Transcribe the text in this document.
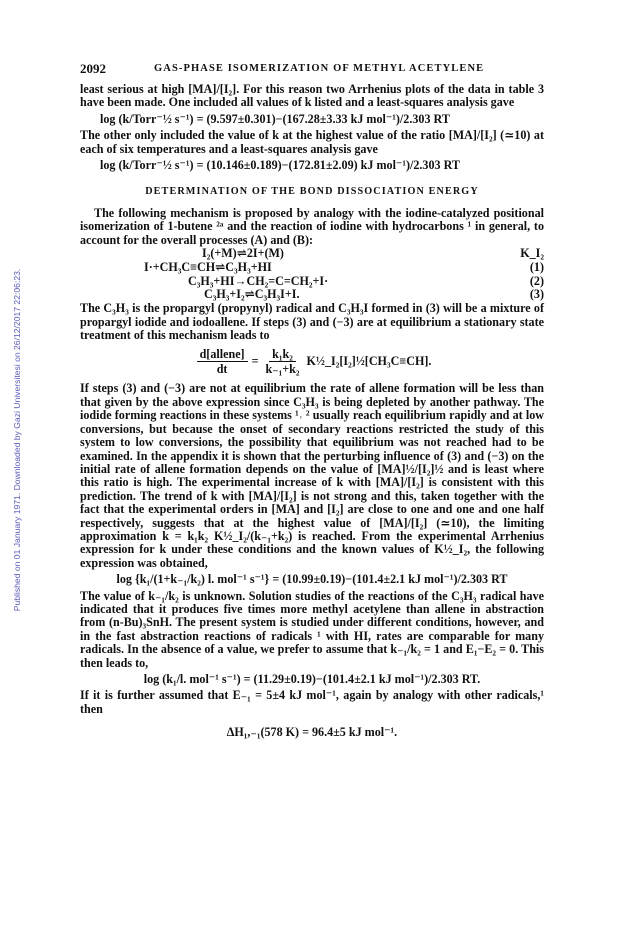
Published on 01 January 1971. Downloaded by Gazi Universitesi on 26/12/2017 22:06:23.
2092	GAS-PHASE ISOMERIZATION OF METHYL ACETYLENE

least serious at high [MA]/[I₂]. For this reason two Arrhenius plots of the data in table 3 have been made. One included all values of k listed and a least-squares analysis gave

log (k/Torr⁻½ s⁻¹) = (9.597±0.301)−(167.28±3.33 kJ mol⁻¹)/2.303 RT

The other only included the value of k at the highest value of the ratio [MA]/[I₂] (≃10) at each of six temperatures and a least-squares analysis gave

log (k/Torr⁻½ s⁻¹) = (10.146±0.189)−(172.81±2.09) kJ mol⁻¹)/2.303 RT
DETERMINATION OF THE BOND DISSOCIATION ENERGY

The following mechanism is proposed by analogy with the iodine-catalyzed positional isomerization of 1-butene ²ᵃ and the reaction of iodine with hydrocarbons ¹ in general, to account for the overall processes (A) and (B):

I₂(+M)⇌2I+(M)	K_I₂
I·+CH₃C≡CH⇌C₃H₃+HI	(1)
C₃H₃+HI→CH₂=C=CH₂+I·	(2)
C₃H₃+I₂⇌C₃H₃I+I.	(3)

The C₃H₃ is the propargyl (propynyl) radical and C₃H₃I formed in (3) will be a mixture of propargyl iodide and iodoallene. If steps (3) and (−3) are at equilibrium a stationary state treatment of this mechanism leads to

d[allene]
dt
= $\frac{\text{k₁k₂}}{\text{k₋₁+k₂}}$ K½_I₂[I₂]½[CH₃C≡CH].

If steps (3) and (−3) are not at equilibrium the rate of allene formation will be less than that given by the above expression since C₃H₃ is being depleted by another pathway. The iodide forming reactions in these systems ¹˒ ² usually reach equilibrium rapidly and at low conversions, but because the onset of secondary reactions restricted the study of this system to low conversions, the possibility that equilibrium was not reached had to be examined. In the appendix it is shown that the perturbing influence of (3) and (−3) on the initial rate of allene formation depends on the value of [MA]½/[I₂]½ and is least where this ratio is high. The experimental increase of k with [MA]/[I₂] is consistent with this prediction. The trend of k with [MA]/[I₂] is not strong and this, taken together with the fact that the experimental orders in [MA] and [I₂] are close to one and one and one half respectively, suggests that at the highest value of [MA]/[I₂] (≃10), the limiting approximation k = k₁k₂ K½_I₂/(k₋₁+k₂) is reached. From the experimental Arrhenius expression for k under these conditions and the known values of K½_I₂, the following expression was obtained,

log {k₁/(1+k₋₁/k₂) l. mol⁻¹ s⁻¹} = (10.99±0.19)−(101.4±2.1 kJ mol⁻¹)/2.303 RT

The value of k₋₁/k₂ is unknown. Solution studies of the reactions of the C₃H₃ radical have indicated that it produces five times more methyl acetylene than allene in abstraction from (n-Bu)₃SnH. The present system is studied under different conditions, however, and in the fast abstraction reactions of radicals ¹ with HI, rates are comparable for many radicals. In the absence of a value, we prefer to assume that k₋₁/k₂ = 1 and E₁−E₂ = 0. This then leads to,

log (k₁/l. mol⁻¹ s⁻¹) = (11.29±0.19)−(101.4±2.1 kJ mol⁻¹)/2.303 RT.

If it is further assumed that E₋₁ = 5±4 kJ mol⁻¹, again by analogy with other radicals,¹ then

ΔH₁,₋₁(578 K) = 96.4±5 kJ mol⁻¹.
